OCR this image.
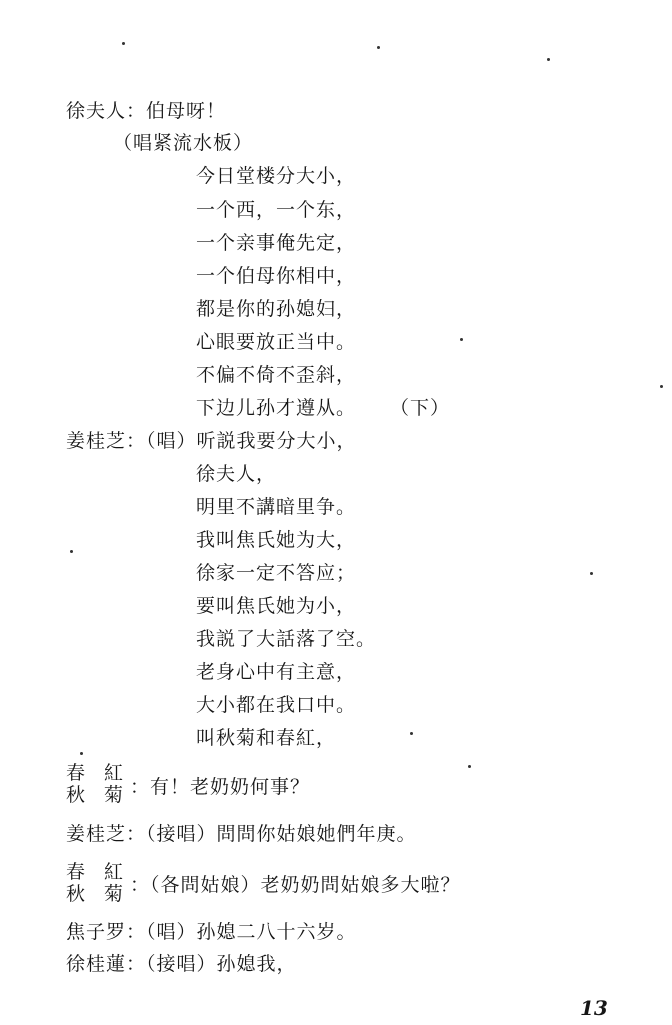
徐夫人：伯母呀！
（唱紧流水板）
今日堂楼分大小，
一个西，一个东，
一个亲事俺先定，
一个伯母你相中，
都是你的孙媳妇，
心眼要放正当中。
不偏不倚不歪斜，
下边儿孙才遵从。 （下）
姜桂芝：（唱）听説我要分大小，
徐夫人，
明里不講暗里争。
我叫焦氏她为大，
徐家一定不答应；
要叫焦氏她为小，
我説了大話落了空。
老身心中有主意，
大小都在我口中。
叫秋菊和春紅，
春　紅
秋　菊 ：有！老奶奶何事？
姜桂芝：（接唱）問問你姑娘她們年庚。
春　紅
秋　菊 ：（各問姑娘）老奶奶問姑娘多大啦？
焦子罗：（唱）孙媳二八十六岁。
徐桂蓮：（接唱）孙媳我，
13
